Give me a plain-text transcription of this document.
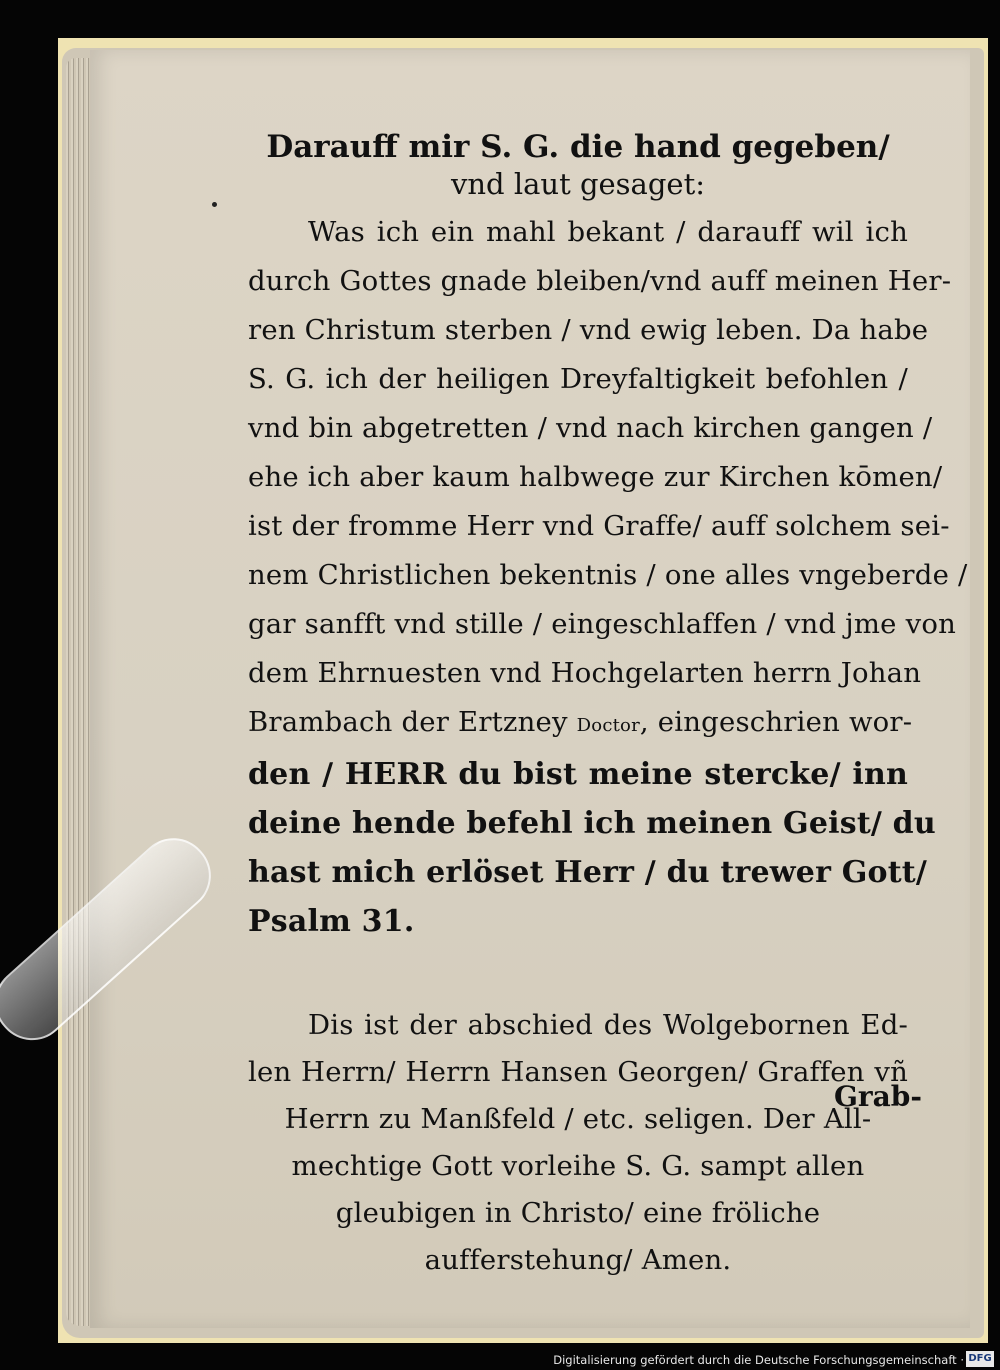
Darauff mir S. G. die hand gegeben/

vnd laut gesaget:

Was ich ein mahl bekant / darauff wil ich
durch Gottes gnade bleiben/vnd auff meinen Her-
ren Christum sterben / vnd ewig leben. Da habe
S. G. ich der heiligen Dreyfaltigkeit befohlen /
vnd bin abgetretten / vnd nach kirchen gangen /
ehe ich aber kaum halbwege zur Kirchen kōmen/
ist der fromme Herr vnd Graffe/ auff solchem sei-
nem Christlichen bekentnis / one alles vngeberde /
gar sanfft vnd stille / eingeschlaffen / vnd jme von
dem Ehrnuesten vnd Hochgelarten herrn Johan
Brambach der Ertzney Doctor, eingeschrien wor-
den / HERR du bist meine stercke/ inn
deine hende befehl ich meinen Geist/ du
hast mich erlöset Herr / du trewer Gott/
Psalm 31.
Dis ist der abschied des Wolgebornen Ed-
len Herrn/ Herrn Hansen Georgen/ Graffen vñ
Herrn zu Manßfeld / etc. seligen. Der All-
mechtige Gott vorleihe S. G. sampt allen
gleubigen in Christo/ eine fröliche
aufferstehung/ Amen.
Grab-
Digitalisierung gefördert durch die Deutsche Forschungsgemeinschaft · DFG
